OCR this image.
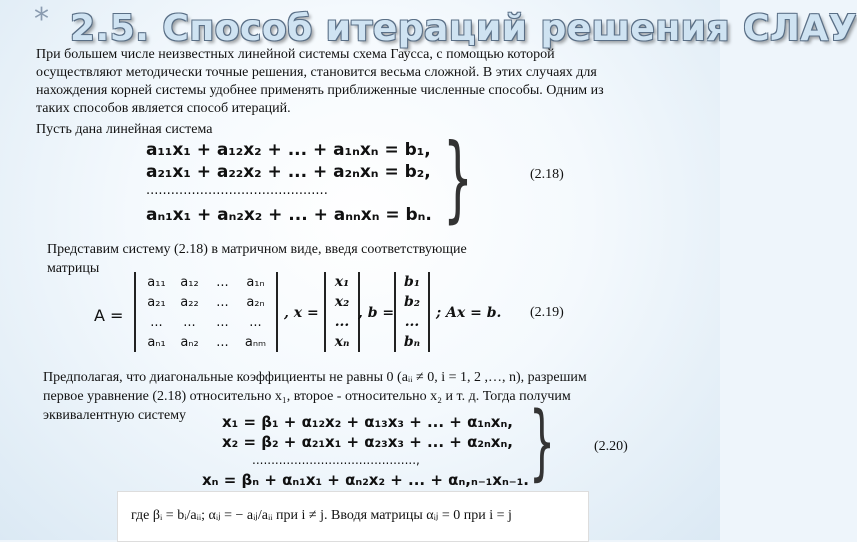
* 2.5. Способ итераций решения СЛАУ
При большем числе неизвестных линейной системы схема Гаусса, с помощью которой
осуществляют методически точные решения, становится весьма сложной. В этих случаях для
нахождения корней системы удобнее применять приближенные численные способы. Одним из
таких способов является способ итераций.
Пусть дана линейная система
a₁₁x₁ + a₁₂x₂ + ... + a₁ₙxₙ = b₁,
a₂₁x₁ + a₂₂x₂ + ... + a₂ₙxₙ = b₂,
............................................
aₙ₁x₁ + aₙ₂x₂ + ... + aₙₙxₙ = bₙ. }	(2.18)
Представим систему (2.18) в матричном виде, введя соответствующие
матрицы
A =
a₁₁	a₁₂	...	a₁ₙ
a₂₁	a₂₂	...	a₂ₙ
...	...	...	...
aₙ₁	aₙ₂	...	aₙₘ
, x =
x₁
x₂
...
xₙ
, b =
b₁
b₂
...
bₙ
; Ax = b. (2.19)
Предполагая, что диагональные коэффициенты не равны 0 (aᵢᵢ ≠ 0, i = 1, 2 ,…, n), разрешим
первое уравнение (2.18) относительно x₁, второе - относительно x₂ и т. д. Тогда получим
эквивалентную систему x₁ = β₁ + α₁₂x₂ + α₁₃x₃ + ... + α₁ₙxₙ,
x₂ = β₂ + α₂₁x₁ + α₂₃x₃ + ... + α₂ₙxₙ,
...........................................,
xₙ = βₙ + αₙ₁x₁ + αₙ₂x₂ + ... + αₙ,ₙ₋₁xₙ₋₁. }	(2.20)
где βᵢ = bᵢ/aᵢᵢ; αᵢⱼ = − aᵢⱼ/aᵢᵢ при i ≠ j. Вводя матрицы αᵢⱼ = 0 при i = j
